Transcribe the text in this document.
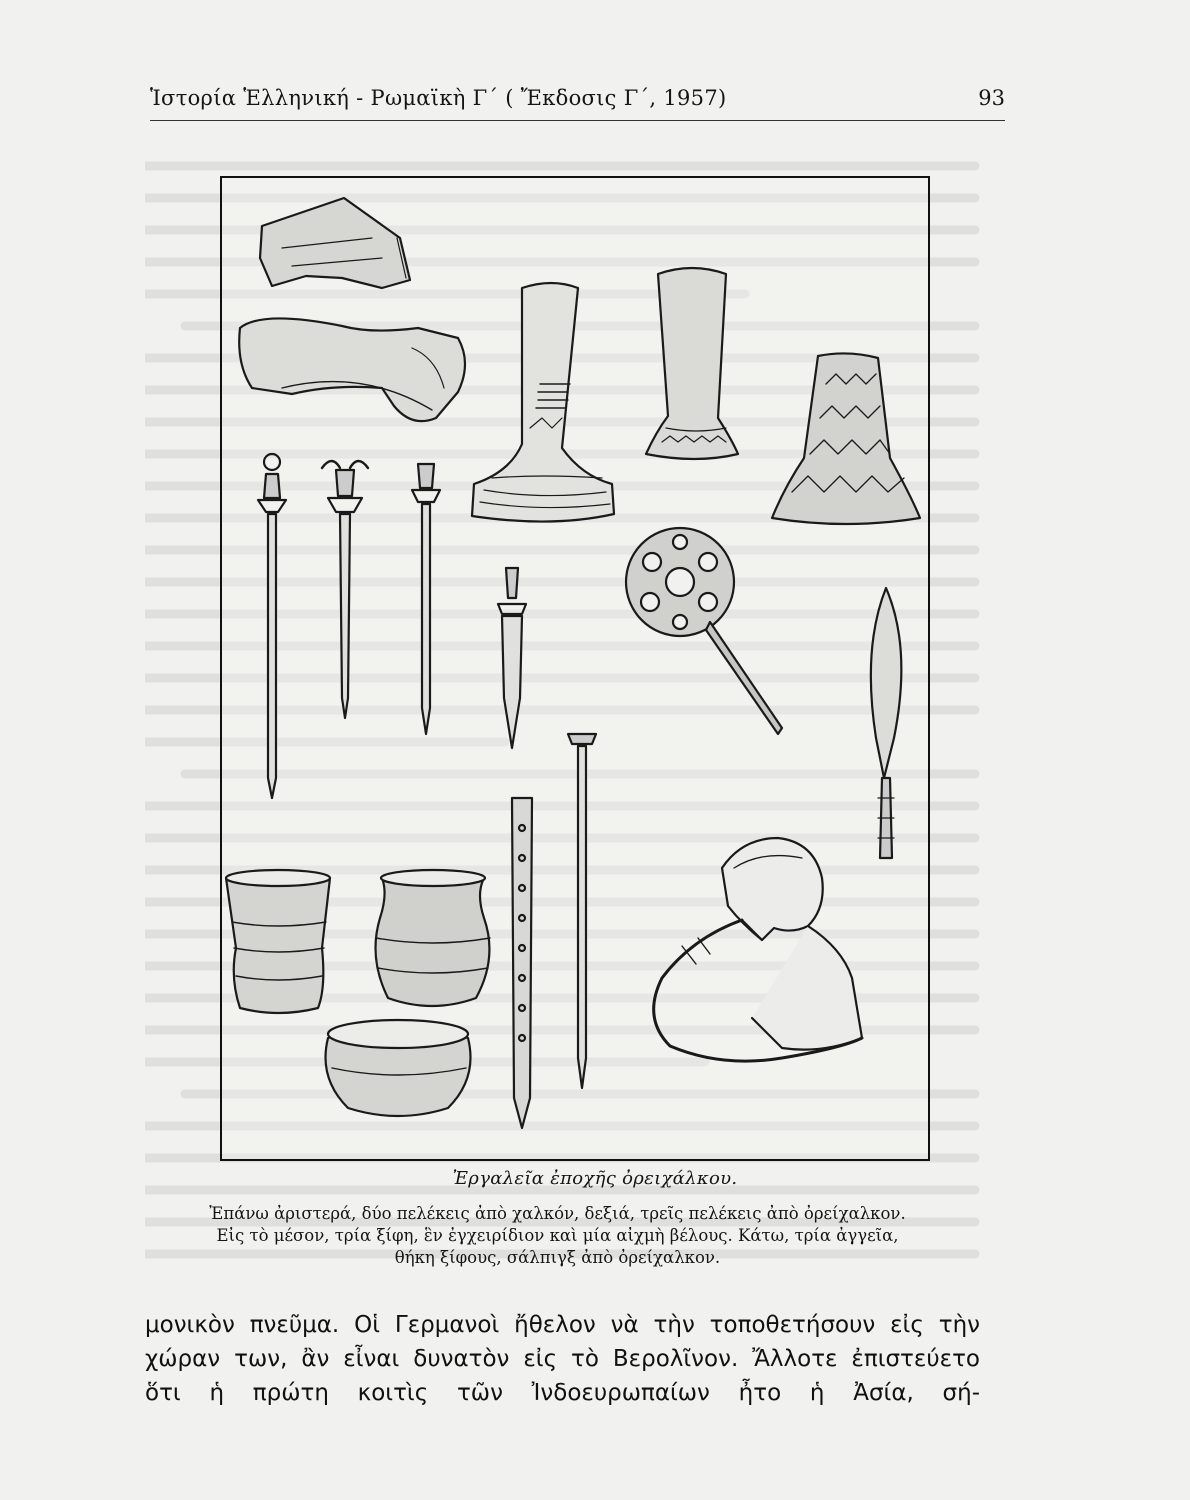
Ἱστορία Ἑλληνική - Ρωμαϊκὴ Γ΄ ( Ἔκδοσις Γ΄, 1957)	93
Ἐργαλεῖα ἐποχῆς ὀρειχάλκου.
Ἐπάνω ἀριστερά, δύο πελέκεις ἀπὸ χαλκόν, δεξιά, τρεῖς πελέκεις ἀπὸ ὀρείχαλκον.
Εἰς τὸ μέσον, τρία ξίφη, ἓν ἐγχειρίδιον καὶ μία αἰχμὴ βέλους. Κάτω, τρία ἀγγεῖα,
θήκη ξίφους, σάλπιγξ ἀπὸ ὀρείχαλκον.
μονικὸν πνεῦμα. Οἱ Γερμανοὶ ἤθελον νὰ τὴν τοποθετήσουν εἰς τὴν
χώραν των, ἂν εἶναι δυνατὸν εἰς τὸ Βερολῖνον. Ἄλλοτε ἐπιστεύετο
ὅτι ἡ πρώτη κοιτὶς τῶν Ἰνδοευρωπαίων ἦτο ἡ Ἀσία, σή-
